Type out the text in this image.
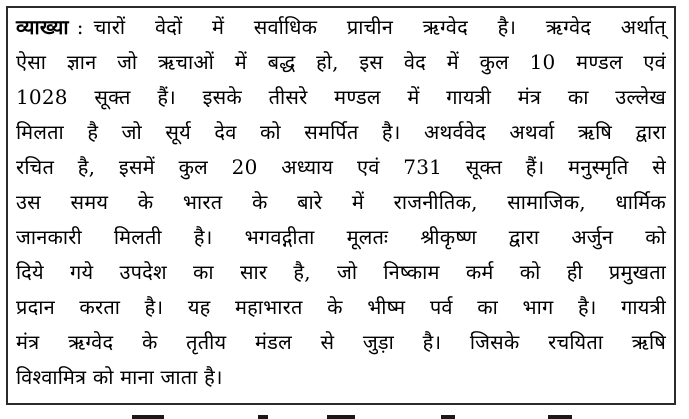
व्याख्या : चारों वेदों में सर्वाधिक प्राचीन ऋग्वेद है। ऋग्वेद अर्थात्
ऐसा ज्ञान जो ऋचाओं में बद्ध हो, इस वेद में कुल 10 मण्डल एवं
1028 सूक्त हैं। इसके तीसरे मण्डल में गायत्री मंत्र का उल्लेख
मिलता है जो सूर्य देव को समर्पित है। अथर्ववेद अथर्वा ऋषि द्वारा
रचित है, इसमें कुल 20 अध्याय एवं 731 सूक्त हैं। मनुस्मृति से
उस समय के भारत के बारे में राजनीतिक, सामाजिक, धार्मिक
जानकारी मिलती है। भगवद्गीता मूलतः श्रीकृष्ण द्वारा अर्जुन को
दिये गये उपदेश का सार है, जो निष्काम कर्म को ही प्रमुखता
प्रदान करता है। यह महाभारत के भीष्म पर्व का भाग है। गायत्री
मंत्र ऋग्वेद के तृतीय मंडल से जुड़ा है। जिसके रचयिता ऋषि
विश्वामित्र को माना जाता है।
